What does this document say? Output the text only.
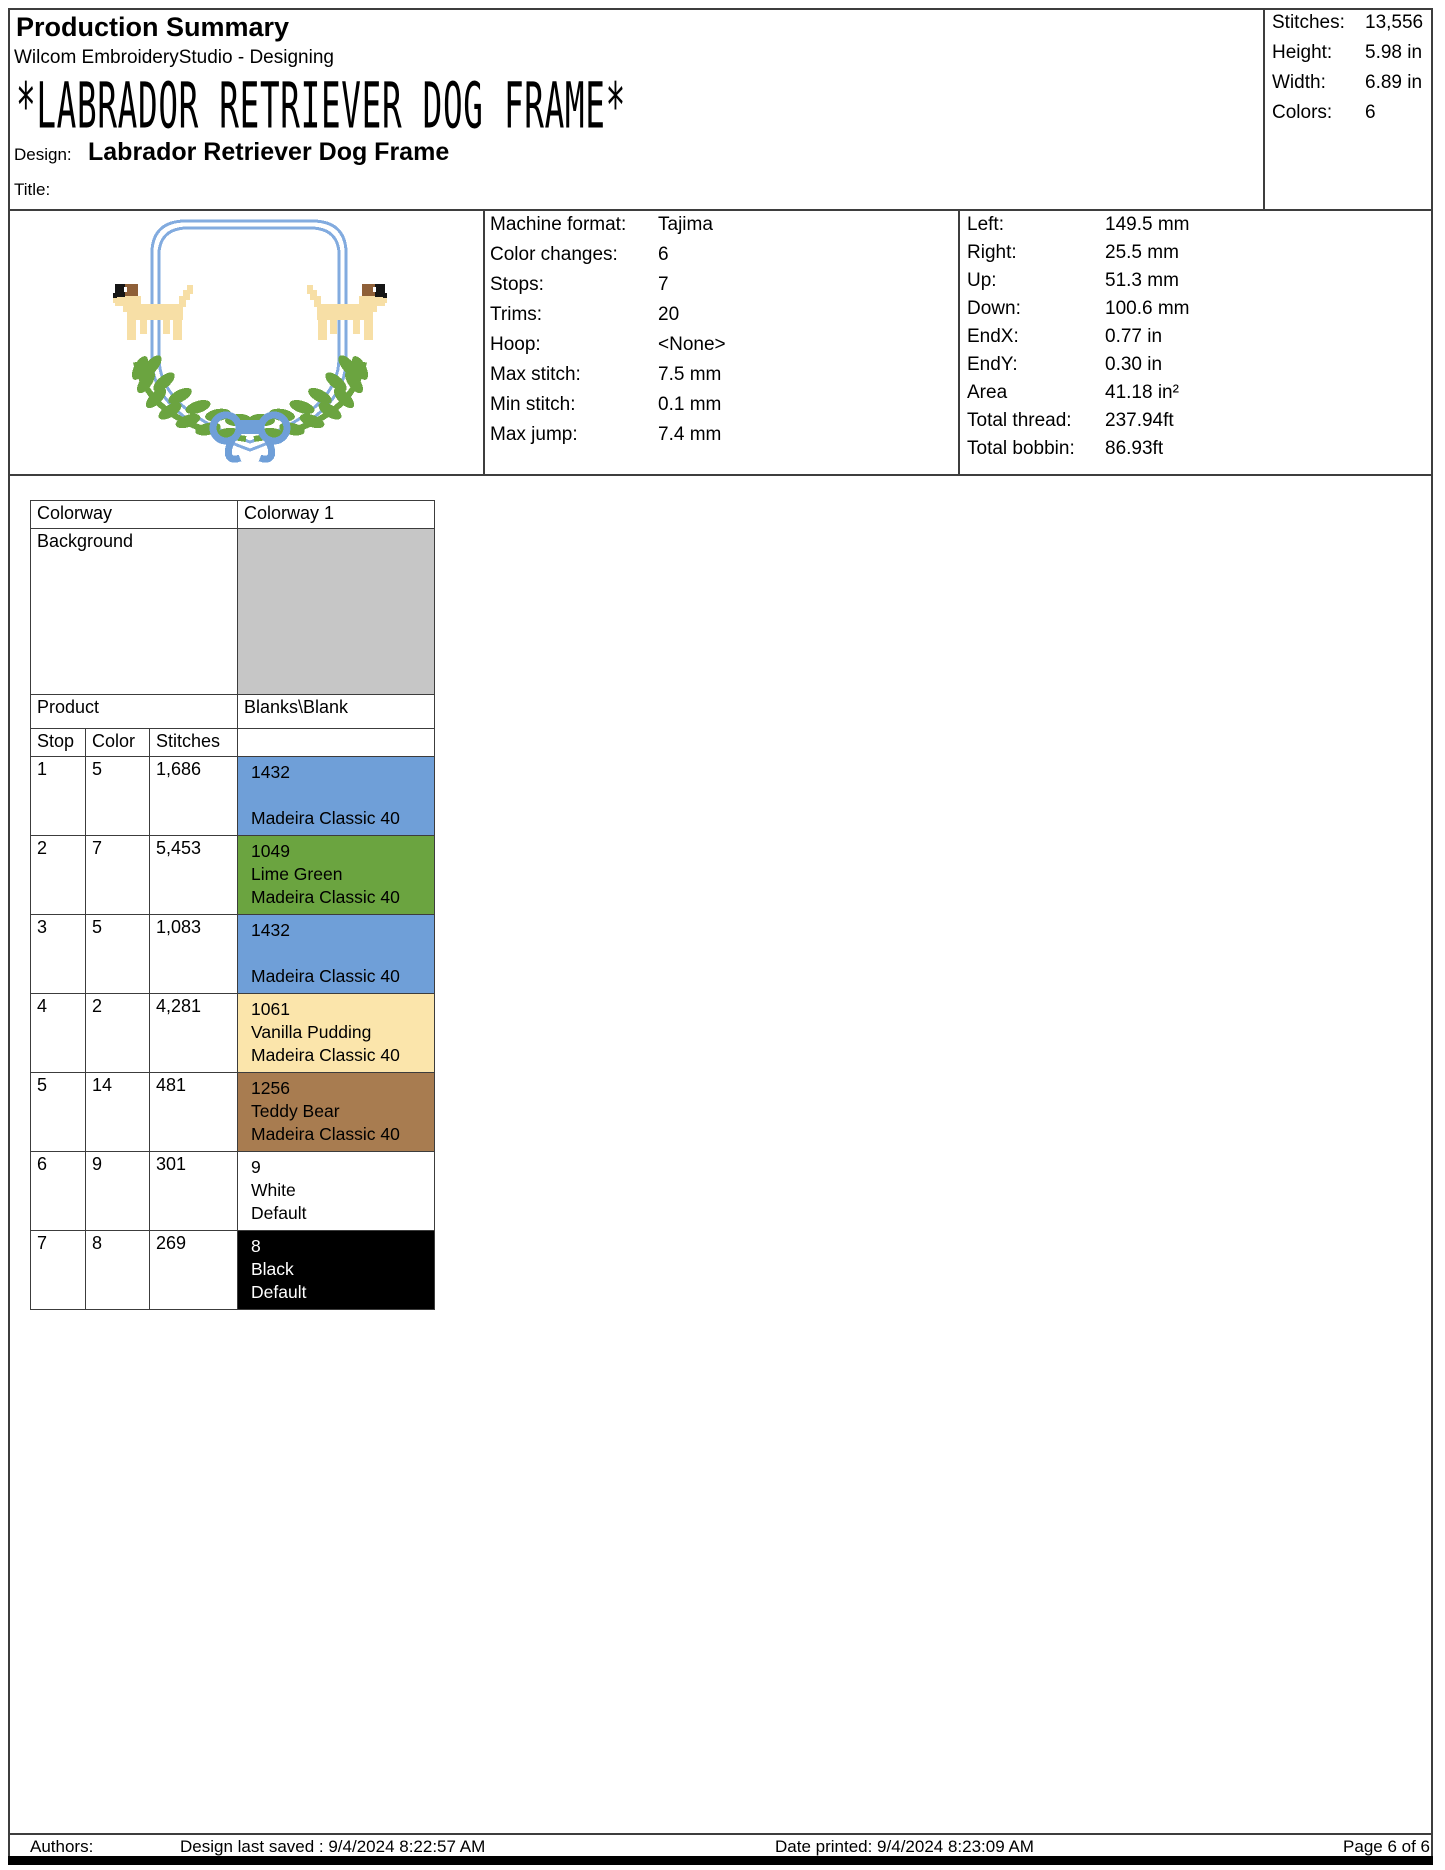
Production Summary
Wilcom EmbroideryStudio - Designing
*LABRADOR RETRIEVER DOG FRAME*
Design: Labrador Retriever Dog Frame
Title:
Stitches:	13,556
Height:	5.98 in
Width:	6.89 in
Colors:	6
Machine format:	Tajima
Color changes:	6
Stops:	7
Trims:	20
Hoop:	<None>
Max stitch:	7.5 mm
Min stitch:	0.1 mm
Max jump:	7.4 mm
Left:	149.5 mm
Right:	25.5 mm
Up:	51.3 mm
Down:	100.6 mm
EndX:	0.77 in
EndY:	0.30 in
Area	41.18 in²
Total thread:	237.94ft
Total bobbin:	86.93ft
Colorway			Colorway 1
Background			
Product			Blanks\Blank
Stop	Color	Stitches	
1	5	1,686	1432
Madeira Classic 40

2	7	5,453	1049
Lime Green
Madeira Classic 40

3	5	1,083	1432
Madeira Classic 40

4	2	4,281	1061
Vanilla Pudding
Madeira Classic 40

5	14	481	1256
Teddy Bear
Madeira Classic 40

6	9	301	9
White
Default

7	8	269	8
Black
Default
Authors:	Design last saved : 9/4/2024 8:22:57 AM	Date printed: 9/4/2024 8:23:09 AM	Page 6 of 6
